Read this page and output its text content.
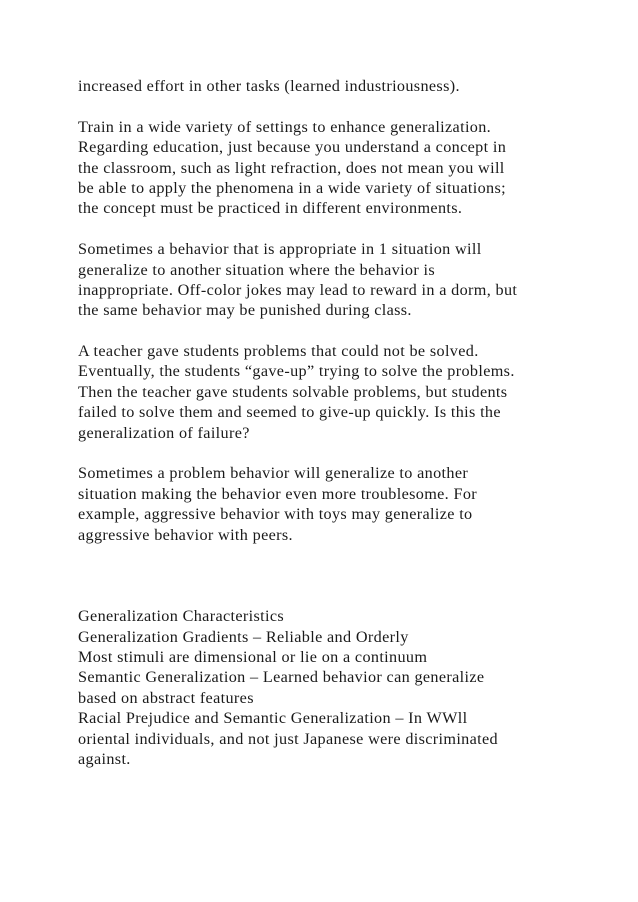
increased effort in other tasks (learned industriousness).
Train in a wide variety of settings to enhance generalization.
Regarding education, just because you understand a concept in
the classroom, such as light refraction, does not mean you will
be able to apply the phenomena in a wide variety of situations;
the concept must be practiced in different environments.
Sometimes a behavior that is appropriate in 1 situation will
generalize to another situation where the behavior is
inappropriate. Off-color jokes may lead to reward in a dorm, but
the same behavior may be punished during class.
A teacher gave students problems that could not be solved.
Eventually, the students “gave-up” trying to solve the problems.
Then the teacher gave students solvable problems, but students
failed to solve them and seemed to give-up quickly. Is this the
generalization of failure?
Sometimes a problem behavior will generalize to another
situation making the behavior even more troublesome. For
example, aggressive behavior with toys may generalize to
aggressive behavior with peers.
Generalization Characteristics
Generalization Gradients – Reliable and Orderly
Most stimuli are dimensional or lie on a continuum
Semantic Generalization – Learned behavior can generalize
based on abstract features
Racial Prejudice and Semantic Generalization – In WWll
oriental individuals, and not just Japanese were discriminated
against.
